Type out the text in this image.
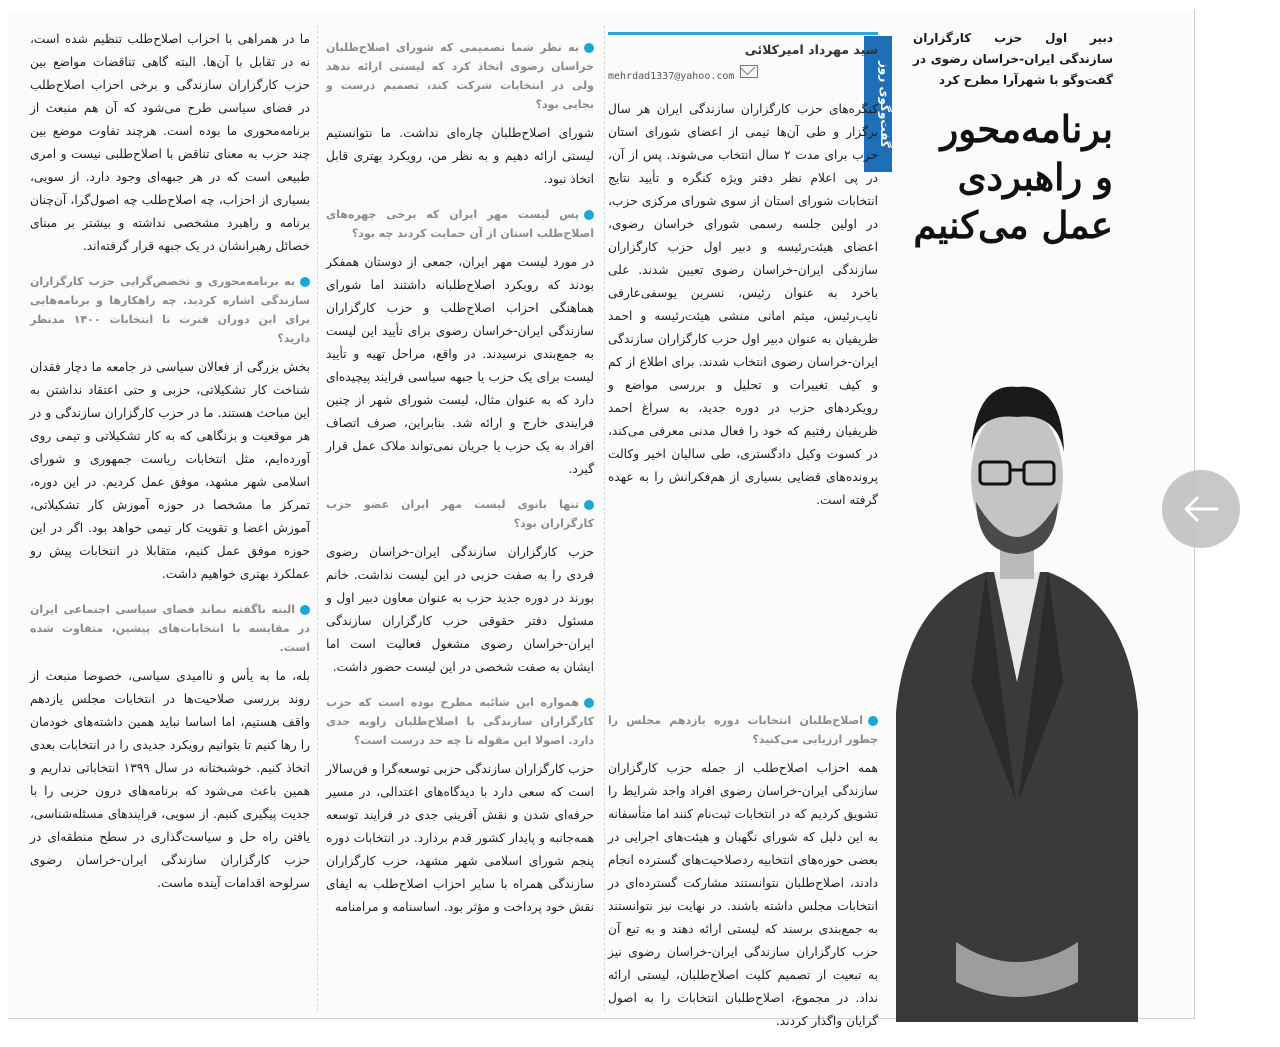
دبیر اول حزب کارگزاران سازندگی ایران-خراسان رضوی در گفت‌وگو با شهرآرا مطرح کرد
برنامه‌محور و راهبردی عمل می‌کنیم
گفت‌وگوی روز
سید مهرداد امیرکلائی
mehrdad1337@yahoo.com

کنگره‌های حزب کارگزاران سازندگی ایران هر سال برگزار و طی آن‌ها تیمی از اعضای شورای استان حزب برای مدت ۲ سال انتخاب می‌شوند. پس از آن، در پی اعلام نظر دفتر ویژه کنگره و تأیید نتایج انتخابات شورای استان از سوی شورای مرکزی حزب، در اولین جلسه رسمی شورای خراسان رضوی، اعضای هیئت‌رئیسه و دبیر اول حزب کارگزاران سازندگی ایران-خراسان رضوی تعیین شدند. علی باخرد به عنوان رئیس، نسرین یوسفی‌عارفی نایب‌رئیس، میثم امانی منشی هیئت‌رئیسه و احمد ظریفیان به عنوان دبیر اول حزب کارگزاران سازندگی ایران-خراسان رضوی انتخاب شدند. برای اطلاع از کم و کیف تغییرات و تحلیل و بررسی مواضع و رویکردهای حزب در دوره جدید، به سراغ احمد ظریفیان رفتیم که خود را فعال مدنی معرفی می‌کند، در کسوت وکیل دادگستری، طی سالیان اخیر وکالت پرونده‌های قضایی بسیاری از هم‌فکرانش را به عهده گرفته است.

اصلاح‌طلبان انتخابات دوره یازدهم مجلس را چطور ارزیابی می‌کنید؟

همه احزاب اصلاح‌طلب از جمله حزب کارگزاران سازندگی ایران-خراسان رضوی افراد واجد شرایط را تشویق کردیم که در انتخابات ثبت‌نام کنند اما متأسفانه به این دلیل که شورای نگهبان و هیئت‌های اجرایی در بعضی حوزه‌های انتخابیه ردصلاحیت‌های گسترده انجام دادند، اصلاح‌طلبان نتوانستند مشارکت گسترده‌ای در انتخابات مجلس داشته باشند. در نهایت نیز نتوانستند به جمع‌بندی برسند که لیستی ارائه دهند و به تبع آن حزب کارگزاران سازندگی ایران-خراسان رضوی نیز به تبعیت از تصمیم کلیت اصلاح‌طلبان، لیستی ارائه نداد. در مجموع، اصلاح‌طلبان انتخابات را به اصول گرایان واگذار کردند.

به نظر شما تصمیمی که شورای اصلاح‌طلبان خراسان رضوی اتخاذ کرد که لیستی ارائه ندهد ولی در انتخابات شرکت کند، تصمیم درست و بجایی بود؟

شورای اصلاح‌طلبان چاره‌ای نداشت. ما نتوانستیم لیستی ارائه دهیم و به نظر من، رویکرد بهتری قابل اتخاذ نبود.

پس لیست مهر ایران که برخی چهره‌های اصلاح‌طلب استان از آن حمایت کردند چه بود؟

در مورد لیست مهر ایران، جمعی از دوستان همفکر بودند که رویکرد اصلاح‌طلبانه داشتند اما شورای هماهنگی احزاب اصلاح‌طلب و حزب کارگزاران سازندگی ایران-خراسان رضوی برای تأیید این لیست به جمع‌بندی نرسیدند. در واقع، مراحل تهیه و تأیید لیست برای یک حزب یا جبهه سیاسی فرایند پیچیده‌ای دارد که به عنوان مثال، لیست شورای شهر از چنین فرایندی خارج و ارائه شد. بنابراین، صرف اتصاف افراد به یک حزب یا جریان نمی‌تواند ملاک عمل قرار گیرد.

تنها بانوی لیست مهر ایران عضو حزب کارگزاران بود؟

حزب کارگزاران سازندگی ایران-خراسان رضوی فردی را به صفت حزبی در این لیست نداشت. خانم بورند در دوره جدید حزب به عنوان معاون دبیر اول و مسئول دفتر حقوقی حزب کارگزاران سازندگی ایران-خراسان رضوی مشغول فعالیت است اما ایشان به صفت شخصی در این لیست حضور داشت.

همواره این شائبه مطرح بوده است که حزب کارگزاران سازندگی با اصلاح‌طلبان زاویه جدی دارد. اصولا این مقوله تا چه حد درست است؟

حزب کارگزاران سازندگی حزبی توسعه‌گرا و فن‌سالار است که سعی دارد با دیدگاه‌های اعتدالی، در مسیر حرفه‌ای شدن و نقش آفرینی جدی در فرایند توسعه همه‌جانبه و پایدار کشور قدم بردارد. در انتخابات دوره پنجم شورای اسلامی شهر مشهد، حزب کارگزاران سازندگی همراه با سایر احزاب اصلاح‌طلب به ایفای نقش خود پرداخت و مؤثر بود. اساسنامه و مرامنامه

ما در همراهی با احزاب اصلاح‌طلب تنظیم شده است، نه در تقابل با آن‌ها. البته گاهی تناقضات مواضع بین حزب کارگزاران سازندگی و برخی احزاب اصلاح‌طلب در فضای سیاسی طرح می‌شود که آن هم منبعث از برنامه‌محوری ما بوده است. هرچند تفاوت موضع بین چند حزب به معنای تناقض با اصلاح‌طلبی نیست و امری طبیعی است که در هر جبهه‌ای وجود دارد. از سویی، بسیاری از احزاب، چه اصلاح‌طلب چه اصول‌گرا، آن‌چنان برنامه و راهبرد مشخصی نداشته و بیشتر بر مبنای خصائل رهبرانشان در یک جبهه قرار گرفته‌اند.

به برنامه‌محوری و تخصص‌گرایی حزب کارگزاران سازندگی اشاره کردید. چه راهکارها و برنامه‌هایی برای این دوران فترت تا انتخابات ۱۴۰۰ مدنظر دارید؟

بخش بزرگی از فعالان سیاسی در جامعه ما دچار فقدان شناخت کار تشکیلاتی، حزبی و حتی اعتقاد نداشتن به این مباحث هستند. ما در حزب کارگزاران سازندگی و در هر موقعیت و بزنگاهی که به کار تشکیلاتی و تیمی روی آورده‌ایم، مثل انتخابات ریاست جمهوری و شورای اسلامی شهر مشهد، موفق عمل کردیم. در این دوره، تمرکز ما مشخصا در حوزه آموزش کار تشکیلاتی، آموزش اعضا و تقویت کار تیمی خواهد بود. اگر در این حوزه موفق عمل کنیم، متقابلا در انتخابات پیش رو عملکرد بهتری خواهیم داشت.

البته ناگفته نماند فضای سیاسی اجتماعی ایران در مقایسه با انتخابات‌های پیشین، متفاوت شده است.

بله، ما به یأس و ناامیدی سیاسی، خصوصا منبعث از روند بررسی صلاحیت‌ها در انتخابات مجلس یازدهم واقف هستیم، اما اساسا نباید همین داشته‌های خودمان را رها کنیم تا بتوانیم رویکرد جدیدی را در انتخابات بعدی اتخاذ کنیم. خوشبختانه در سال ۱۳۹۹ انتخاباتی نداریم و همین باعث می‌شود که برنامه‌های درون حزبی را با جدیت پیگیری کنیم. از سویی، فرایندهای مسئله‌شناسی، یافتن راه حل و سیاست‌گذاری در سطح منطقه‌ای در حزب کارگزاران سازندگی ایران-خراسان رضوی سرلوحه اقدامات آینده ماست.
